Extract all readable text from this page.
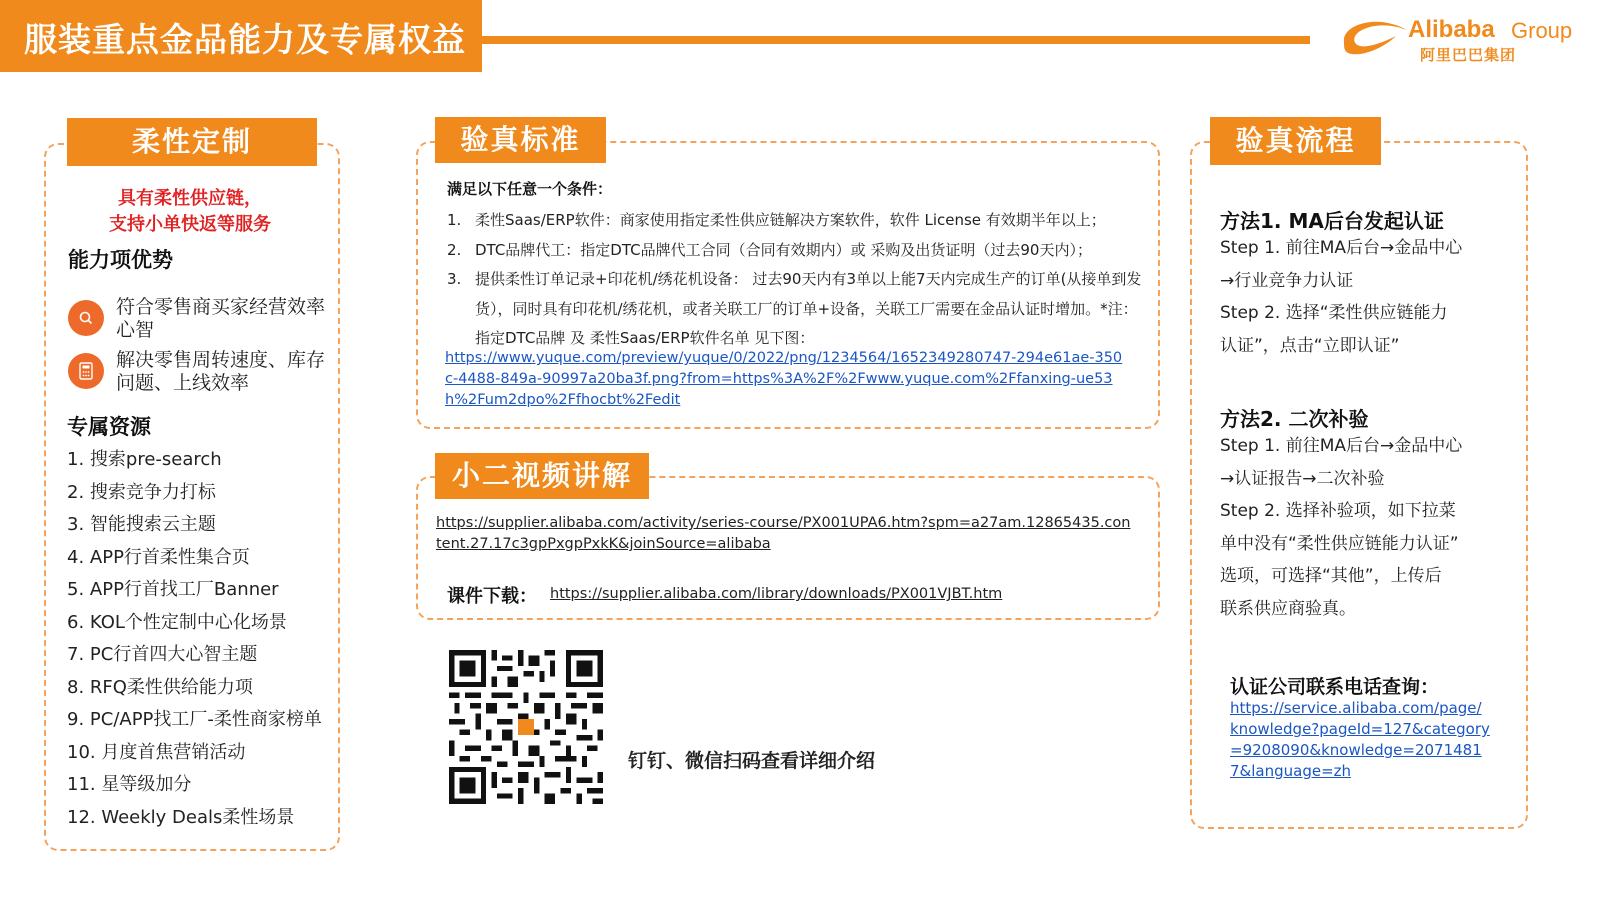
服装重点金品能力及专属权益	Alibaba Group
阿里巴巴集团
柔性定制
具有柔性供应链，
支持小单快返等服务
能力项优势
符合零售商买家经营效率心智
解决零售周转速度、库存问题、上线效率
专属资源
1. 搜索pre-search
2. 搜索竞争力打标
3. 智能搜索云主题
4. APP行首柔性集合页
5. APP行首找工厂Banner
6. KOL个性定制中心化场景
7. PC行首四大心智主题
8. RFQ柔性供给能力项
9. PC/APP找工厂-柔性商家榜单
10. 月度首焦营销活动
11. 星等级加分
12. Weekly Deals柔性场景
验真标准
满足以下任意一个条件：
1. 柔性Saas/ERP软件：商家使用指定柔性供应链解决方案软件，软件 License 有效期半年以上；
2. DTC品牌代工：指定DTC品牌代工合同（合同有效期内）或 采购及出货证明（过去90天内）；
3. 提供柔性订单记录+印花机/绣花机设备： 过去90天内有3单以上能7天内完成生产的订单(从接单到发货），同时具有印花机/绣花机，或者关联工厂的订单+设备，关联工厂需要在金品认证时增加。*注：指定DTC品牌 及 柔性Saas/ERP软件名单 见下图：
https://www.yuque.com/preview/yuque/0/2022/png/1234564/1652349280747-294e61ae-350c-4488-849a-90997a20ba3f.png?from=https%3A%2F%2Fwww.yuque.com%2Ffanxing-ue53h%2Fum2dpo%2Ffhocbt%2Fedit
小二视频讲解
https://supplier.alibaba.com/activity/series-course/PX001UPA6.htm?spm=a27am.12865435.content.27.17c3gpPxgpPxkK&joinSource=alibaba
课件下载： https://supplier.alibaba.com/library/downloads/PX001VJBT.htm
钉钉、微信扫码查看详细介绍
验真流程
方法1. MA后台发起认证
Step 1. 前往MA后台→金品中心
→行业竞争力认证
Step 2. 选择“柔性供应链能力
认证”，点击“立即认证”
方法2. 二次补验
Step 1. 前往MA后台→金品中心
→认证报告→二次补验
Step 2. 选择补验项，如下拉菜
单中没有“柔性供应链能力认证”
选项，可选择“其他”，上传后
联系供应商验真。
认证公司联系电话查询：
https://service.alibaba.com/page/knowledge?pageId=127&category=9208090&knowledge=20714817&language=zh
